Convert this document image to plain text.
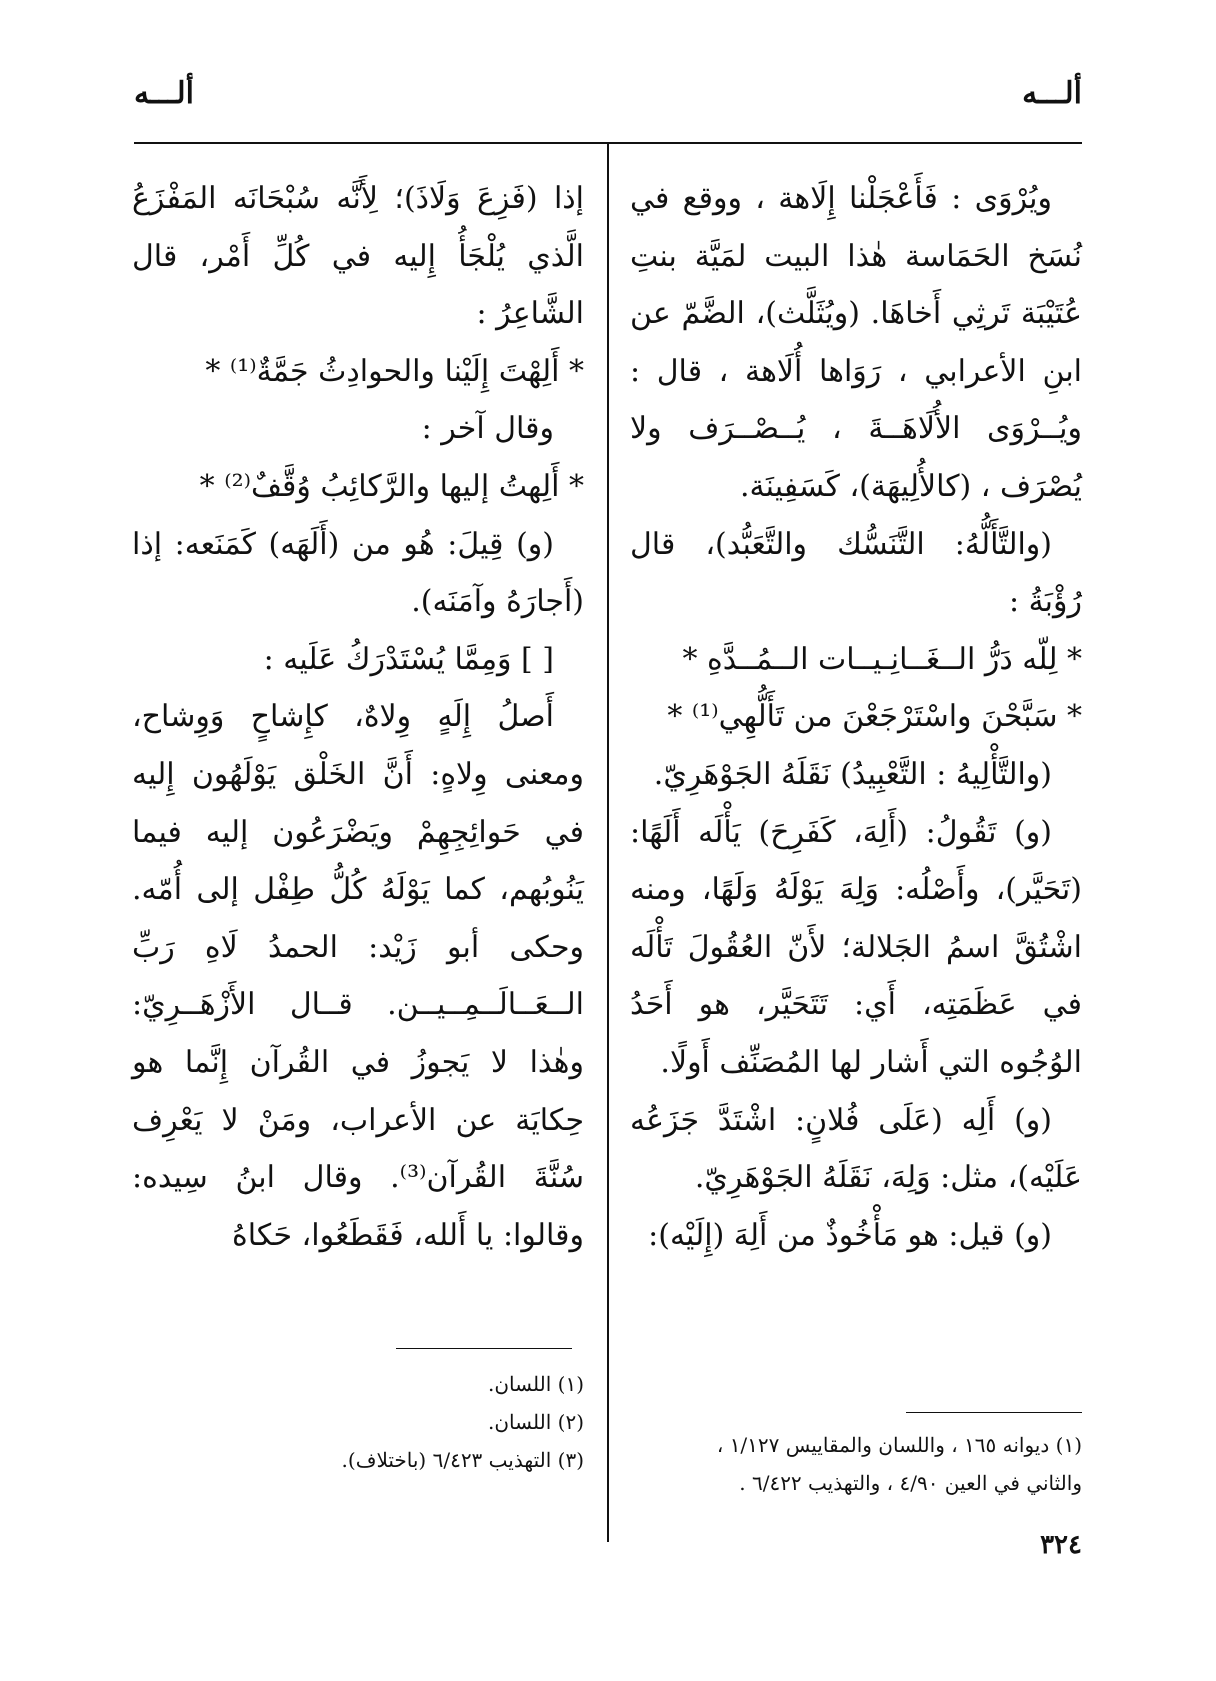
ألـــه
ألـــه

ويُرْوَى : فَأَعْجَلْنا إِلَاهة ، ووقع في نُسَخ الحَمَاسة هٰذا البيت لمَيَّة بنتِ عُتَيْبَة تَرثِي أَخاهَا. (ويُثَلَّث)، الضَّمّ عن ابنِ الأعرابي ، رَوَاها أُلَاهة ، قال : ويُــرْوَى الأُلَاهَــةَ ، يُــصْــرَف ولا يُصْرَف ، (كالأُلِيهَة)، كَسَفِينَة.

(والتَّأَلُّهُ: التَّنَسُّك والتَّعَبُّد)، قال رُؤْبَةُ :

* لِلّه دَرُّ الــغَــانِـيــات الــمُــدَّهِ *

* سَبَّحْنَ واسْتَرْجَعْنَ من تَأَلُّهِي⁽¹⁾ *

(والتَّأْلِيهُ : التَّعْبِيدُ) نَقَلَهُ الجَوْهَرِيّ.

(و) تَقُولُ: (أَلِهَ، كَفَرِحَ) يَأْلَه أَلَهًا: (تَحَيَّر)، وأَصْلُه: وَلِهَ يَوْلَهُ وَلَهًا، ومنه اشْتُقَّ اسمُ الجَلالة؛ لأَنّ العُقُولَ تَأْلَه في عَظَمَتِه، أَي: تَتَحَيَّر، هو أَحَدُ الوُجُوه التي أَشار لها المُصَنِّف أَولًا.

(و) أَلِه (عَلَى فُلانٍ: اشْتَدَّ جَزَعُه عَلَيْه)، مثل: وَلِهَ، نَقَلَهُ الجَوْهَرِيّ.

(و) قيل: هو مَأْخُوذٌ من أَلِهَ (إِلَيْه):

إذا (فَزِعَ وَلَاذَ)؛ لِأَنَّه سُبْحَانَه المَفْزَعُ الَّذي يُلْجَأُ إِليه في كُلِّ أَمْر، قال الشَّاعِرُ :

* أَلِهْتَ إِلَيْنا والحوادِثُ جَمَّةٌ⁽¹⁾ *

وقال آخر :

* أَلِهتُ إليها والرَّكائِبُ وُقَّفٌ⁽²⁾ *

(و) قِيلَ: هُو من (أَلَهَه) كَمَنَعه: إذا (أَجارَهُ وآمَنَه).

[ ] وَمِمَّا يُسْتَدْرَكُ عَلَيه :

أَصلُ إِلَهٍ وِلاهٌ، كإِشاحٍ وَوِشاح، ومعنى وِلاهٍ: أَنَّ الخَلْق يَوْلَهُون إِليه في حَوائِجِهِمْ ويَضْرَعُون إليه فيما يَنُوبُهم، كما يَوْلَهُ كُلُّ طِفْل إلى أُمّه. وحكى أبو زَيْد: الحمدُ لَاهِ رَبِّ الــعَــالَــمِــيــن. قــال الأَزْهَــرِيّ: وهٰذا لا يَجوزُ في القُرآن إِنَّما هو حِكايَة عن الأعراب، ومَنْ لا يَعْرِف سُنَّةَ القُرآن⁽³⁾. وقال ابنُ سِيده: وقالوا: يا أَلله، فَقَطَعُوا، حَكاهُ

(١) ديوانه ١٦٥ ، واللسان والمقاييس ١/١٢٧ ،
والثاني في العين ٤/٩٠ ، والتهذيب ٦/٤٢٢ .
(١) اللسان.
(٢) اللسان.
(٣) التهذيب ٦/٤٢٣ (باختلاف).
٣٢٤
